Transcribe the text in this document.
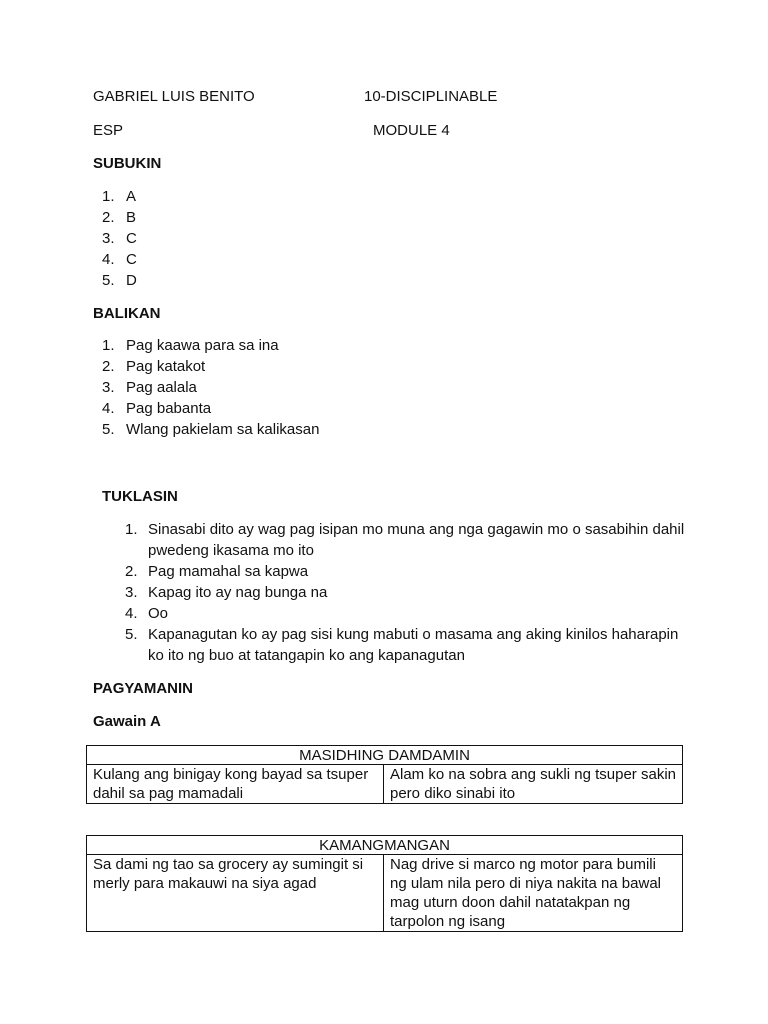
GABRIEL LUIS BENITO	10-DISCIPLINABLE
ESP	MODULE 4
SUBUKIN
1. A
2. B
3. C
4. C
5. D
BALIKAN
1. Pag kaawa para sa ina
2. Pag katakot
3. Pag aalala
4. Pag babanta
5. Wlang pakielam sa kalikasan
TUKLASIN
1. Sinasabi dito ay wag pag isipan mo muna ang nga gagawin mo o sasabihin dahil pwedeng ikasama mo ito
2. Pag mamahal sa kapwa
3. Kapag ito ay nag bunga na
4. Oo
5. Kapanagutan ko ay pag sisi kung mabuti o masama ang aking kinilos haharapin ko ito ng buo at tatangapin ko ang kapanagutan
PAGYAMANIN
Gawain A
MASIDHING DAMDAMIN
Kulang ang binigay kong bayad sa tsuper dahil sa pag mamadali	Alam ko na sobra ang sukli ng tsuper sakin pero diko sinabi ito
KAMANGMANGAN
Sa dami ng tao sa grocery ay sumingit si merly para makauwi na siya agad	Nag drive si marco ng motor para bumili ng ulam nila pero di niya nakita na bawal mag uturn doon dahil natatakpan ng tarpolon ng isang
